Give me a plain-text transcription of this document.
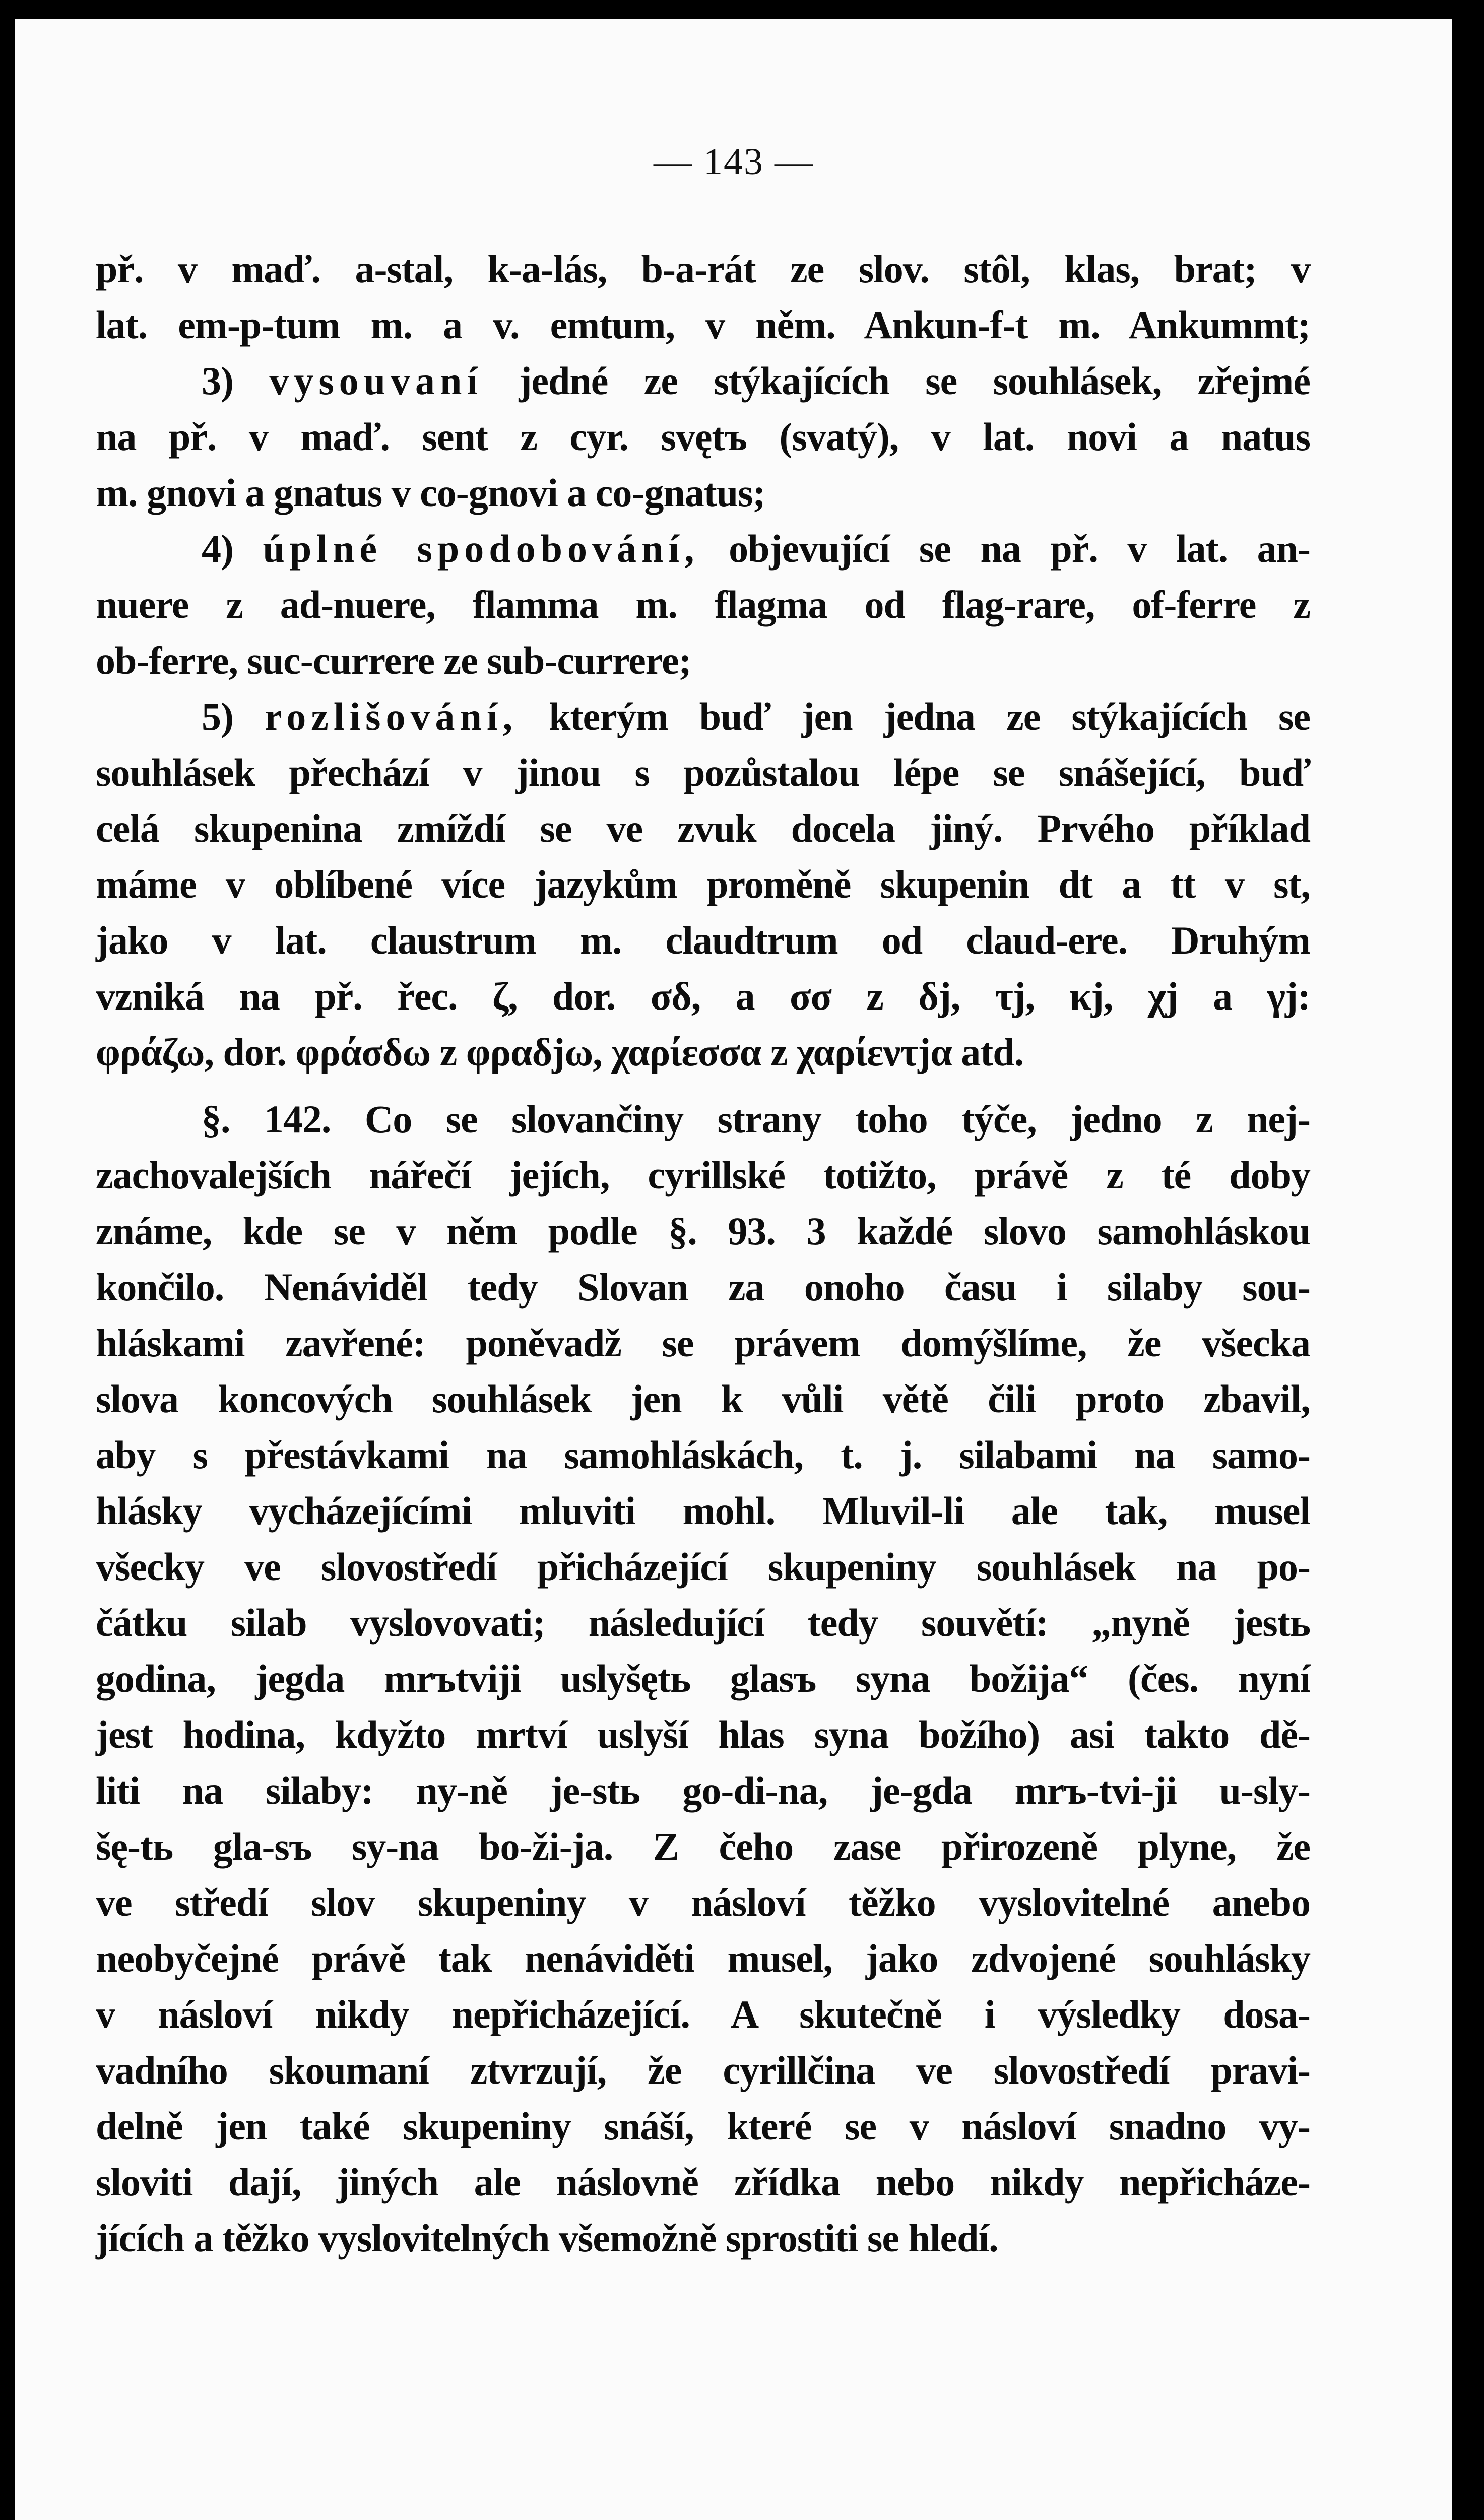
— 143 —
př. v maď. a-stal, k-a-lás, b-a-rát ze slov. stôl, klas, brat; v
lat. em-p-tum m. a v. emtum, v něm. Ankun-f-t m. Ankummt;
3) vysouvaní jedné ze stýkajících se souhlásek, zřejmé
na př. v maď. sent z cyr. svętъ (svatý), v lat. novi a natus
m. gnovi a gnatus v co-gnovi a co-gnatus;
4) úplné spodobování, objevující se na př. v lat. an-
nuere z ad-nuere, flamma m. flagma od flag-rare, of-ferre z
ob-ferre, suc-currere ze sub-currere;
5) rozlišování, kterým buď jen jedna ze stýkajících se
souhlásek přechází v jinou s pozůstalou lépe se snášející, buď
celá skupenina zmíždí se ve zvuk docela jiný. Prvého příklad
máme v oblíbené více jazykům proměně skupenin dt a tt v st,
jako v lat. claustrum m. claudtrum od claud-ere. Druhým
vzniká na př. řec. ζ, dor. σδ, a σσ z δj, τj, κj, χj a γj:
φράζω, dor. φράσδω z φραδjω, χαρίεσσα z χαρίεντjα atd.
§. 142. Co se slovančiny strany toho týče, jedno z nej-
zachovalejších nářečí jejích, cyrillské totižto, právě z té doby
známe, kde se v něm podle §. 93. 3 každé slovo samohláskou
končilo. Nenáviděl tedy Slovan za onoho času i silaby sou-
hláskami zavřené: poněvadž se právem domýšlíme, že všecka
slova koncových souhlásek jen k vůli větě čili proto zbavil,
aby s přestávkami na samohláskách, t. j. silabami na samo-
hlásky vycházejícími mluviti mohl. Mluvil-li ale tak, musel
všecky ve slovostředí přicházející skupeniny souhlásek na po-
čátku silab vyslovovati; následující tedy souvětí: „nyně jestь
godina, jegda mrъtviji uslyšętь glasъ syna božija“ (čes. nyní
jest hodina, kdyžto mrtví uslyší hlas syna božího) asi takto dě-
liti na silaby: ny-ně je-stь go-di-na, je-gda mrъ-tvi-ji u-sly-
šę-tь gla-sъ sy-na bo-ži-ja. Z čeho zase přirozeně plyne, že
ve středí slov skupeniny v násloví těžko vyslovitelné anebo
neobyčejné právě tak nenáviděti musel, jako zdvojené souhlásky
v násloví nikdy nepřicházející. A skutečně i výsledky dosa-
vadního skoumaní ztvrzují, že cyrillčina ve slovostředí pravi-
delně jen také skupeniny snáší, které se v násloví snadno vy-
sloviti dají, jiných ale náslovně zřídka nebo nikdy nepřicháze-
jících a těžko vyslovitelných všemožně sprostiti se hledí.
